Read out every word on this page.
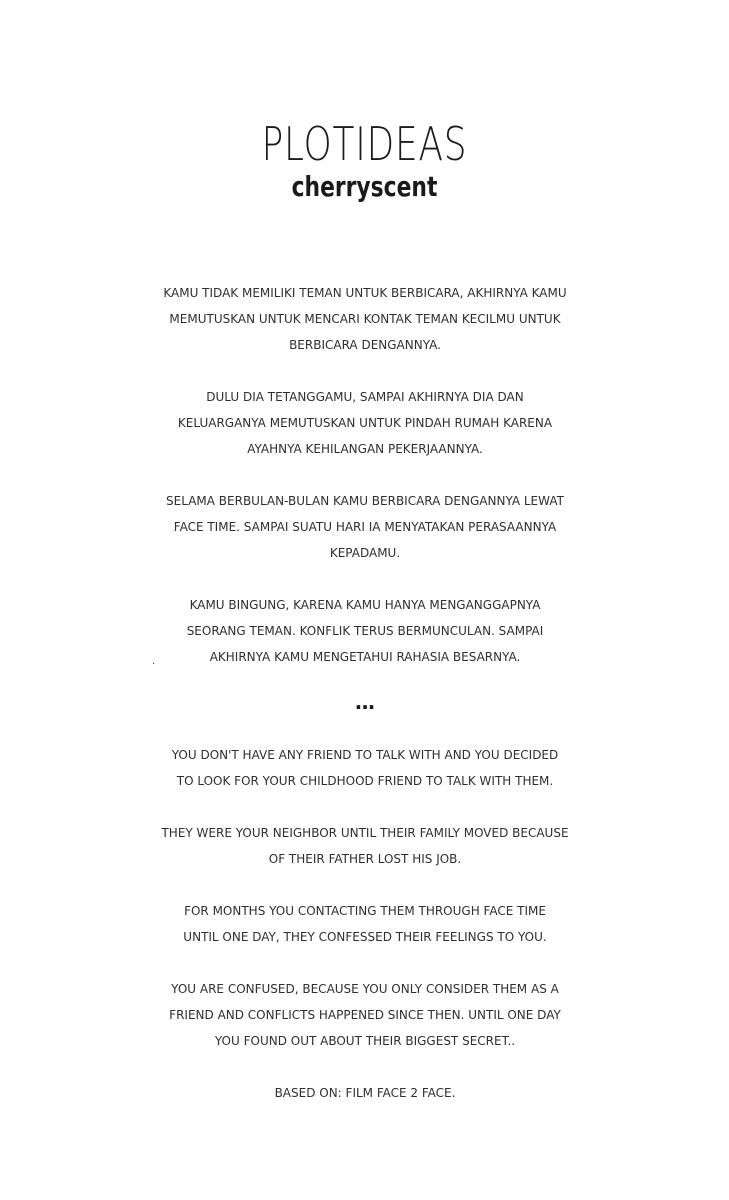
PLOTIDEAS
cherryscent

KAMU TIDAK MEMILIKI TEMAN UNTUK BERBICARA, AKHIRNYA KAMU

MEMUTUSKAN UNTUK MENCARI KONTAK TEMAN KECILMU UNTUK

BERBICARA DENGANNYA.

DULU DIA TETANGGAMU, SAMPAI AKHIRNYA DIA DAN

KELUARGANYA MEMUTUSKAN UNTUK PINDAH RUMAH KARENA

AYAHNYA KEHILANGAN PEKERJAANNYA.

SELAMA BERBULAN-BULAN KAMU BERBICARA DENGANNYA LEWAT

FACE TIME. SAMPAI SUATU HARI IA MENYATAKAN PERASAANNYA

KEPADAMU.

KAMU BINGUNG, KARENA KAMU HANYA MENGANGGAPNYA

SEORANG TEMAN. KONFLIK TERUS BERMUNCULAN. SAMPAI

AKHIRNYA KAMU MENGETAHUI RAHASIA BESARNYA.

.
...

YOU DON'T HAVE ANY FRIEND TO TALK WITH AND YOU DECIDED

TO LOOK FOR YOUR CHILDHOOD FRIEND TO TALK WITH THEM.

THEY WERE YOUR NEIGHBOR UNTIL THEIR FAMILY MOVED BECAUSE

OF THEIR FATHER LOST HIS JOB.

FOR MONTHS YOU CONTACTING THEM THROUGH FACE TIME

UNTIL ONE DAY, THEY CONFESSED THEIR FEELINGS TO YOU.

YOU ARE CONFUSED, BECAUSE YOU ONLY CONSIDER THEM AS A

FRIEND AND CONFLICTS HAPPENED SINCE THEN. UNTIL ONE DAY

YOU FOUND OUT ABOUT THEIR BIGGEST SECRET..

BASED ON: FILM FACE 2 FACE.
